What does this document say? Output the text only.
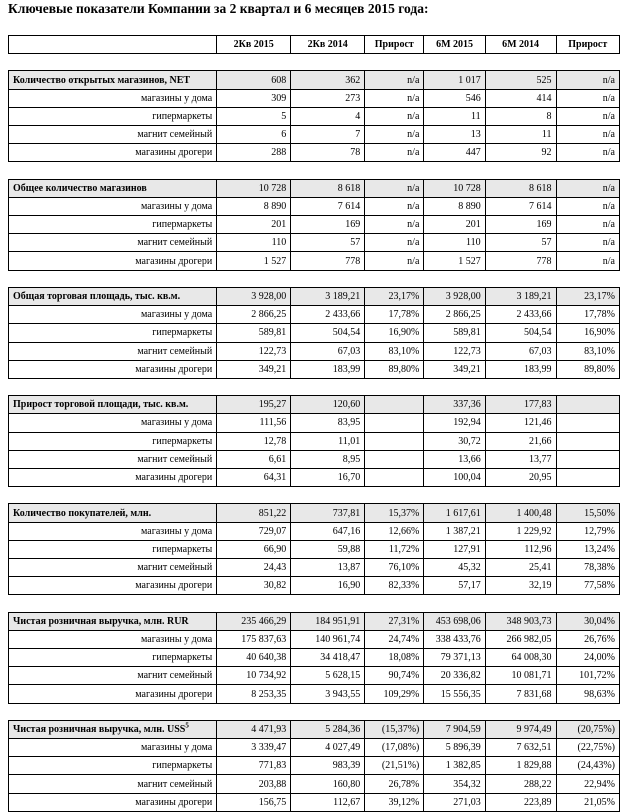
Ключевые показатели Компании за 2 квартал и 6 месяцев 2015 года:
	2Кв 2015	2Кв 2014	Прирост	6М 2015	6М 2014	Прирост

Количество открытых магазинов, NET	608	362	n/a	1 017	525	n/a
магазины у дома	309	273	n/a	546	414	n/a
гипермаркеты	5	4	n/a	11	8	n/a
магнит семейный	6	7	n/a	13	11	n/a
магазины дрогери	288	78	n/a	447	92	n/a

Общее количество магазинов	10 728	8 618	n/a	10 728	8 618	n/a
магазины у дома	8 890	7 614	n/a	8 890	7 614	n/a
гипермаркеты	201	169	n/a	201	169	n/a
магнит семейный	110	57	n/a	110	57	n/a
магазины дрогери	1 527	778	n/a	1 527	778	n/a

Общая торговая площадь, тыс. кв.м.	3 928,00	3 189,21	23,17%	3 928,00	3 189,21	23,17%
магазины у дома	2 866,25	2 433,66	17,78%	2 866,25	2 433,66	17,78%
гипермаркеты	589,81	504,54	16,90%	589,81	504,54	16,90%
магнит семейный	122,73	67,03	83,10%	122,73	67,03	83,10%
магазины дрогери	349,21	183,99	89,80%	349,21	183,99	89,80%

Прирост торговой площади, тыс. кв.м.	195,27	120,60		337,36	177,83	
магазины у дома	111,56	83,95		192,94	121,46	
гипермаркеты	12,78	11,01		30,72	21,66	
магнит семейный	6,61	8,95		13,66	13,77	
магазины дрогери	64,31	16,70		100,04	20,95	

Количество покупателей, млн.	851,22	737,81	15,37%	1 617,61	1 400,48	15,50%
магазины у дома	729,07	647,16	12,66%	1 387,21	1 229,92	12,79%
гипермаркеты	66,90	59,88	11,72%	127,91	112,96	13,24%
магнит семейный	24,43	13,87	76,10%	45,32	25,41	78,38%
магазины дрогери	30,82	16,90	82,33%	57,17	32,19	77,58%

Чистая розничная выручка, млн. RUR	235 466,29	184 951,91	27,31%	453 698,06	348 903,73	30,04%
магазины у дома	175 837,63	140 961,74	24,74%	338 433,76	266 982,05	26,76%
гипермаркеты	40 640,38	34 418,47	18,08%	79 371,13	64 008,30	24,00%
магнит семейный	10 734,92	5 628,15	90,74%	20 336,82	10 081,71	101,72%
магазины дрогери	8 253,35	3 943,55	109,29%	15 556,35	7 831,68	98,63%

Чистая розничная выручка, млн. USS$^5$	4 471,93	5 284,36	(15,37%)	7 904,59	9 974,49	(20,75%)
магазины у дома	3 339,47	4 027,49	(17,08%)	5 896,39	7 632,51	(22,75%)
гипермаркеты	771,83	983,39	(21,51%)	1 382,85	1 829,88	(24,43%)
магнит семейный	203,88	160,80	26,78%	354,32	288,22	22,94%
магазины дрогери	156,75	112,67	39,12%	271,03	223,89	21,05%
